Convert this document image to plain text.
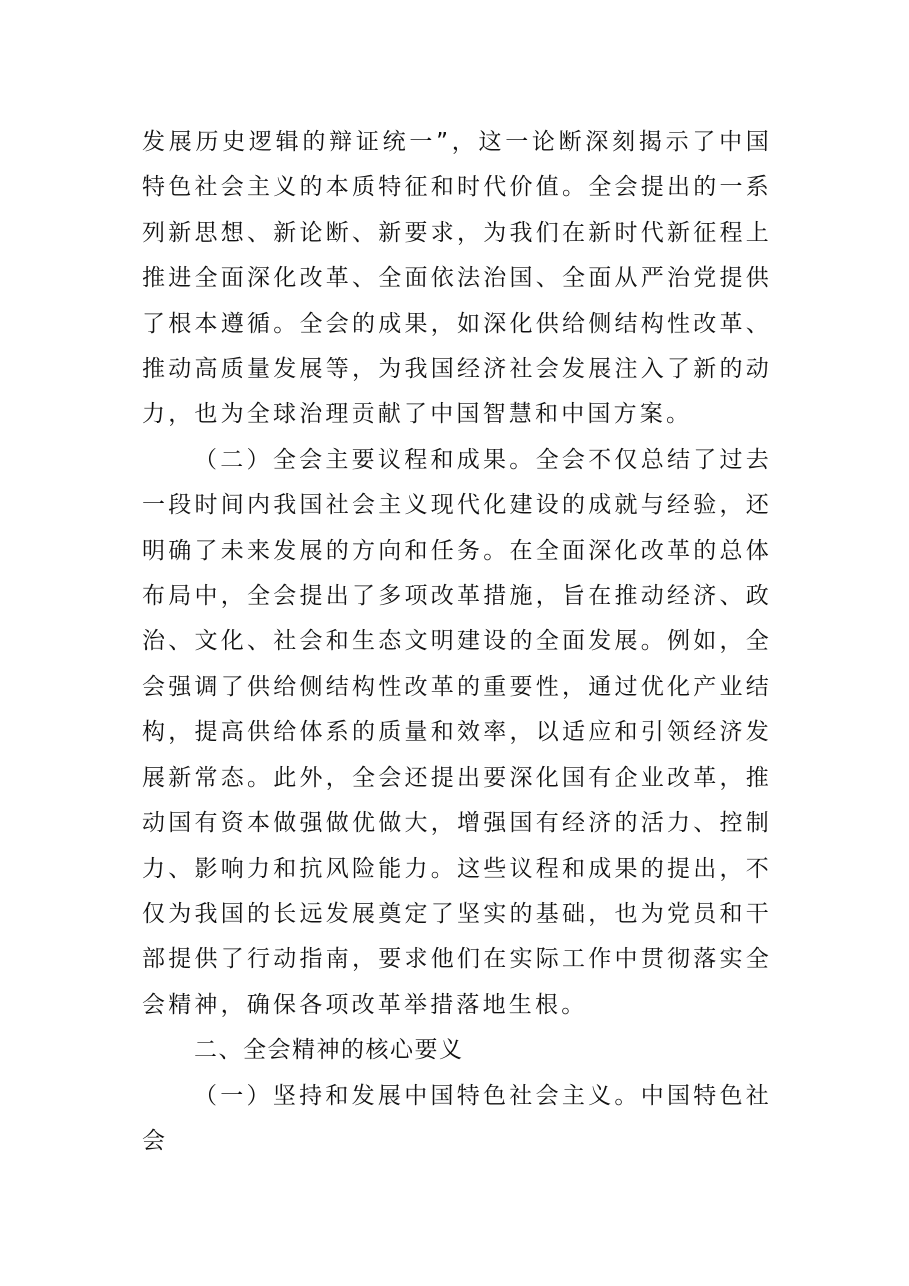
发展历史逻辑的辩证统一”，这一论断深刻揭示了中国特色社会主义的本质特征和时代价值。全会提出的一系列新思想、新论断、新要求，为我们在新时代新征程上推进全面深化改革、全面依法治国、全面从严治党提供了根本遵循。全会的成果，如深化供给侧结构性改革、推动高质量发展等，为我国经济社会发展注入了新的动力，也为全球治理贡献了中国智慧和中国方案。

（二）全会主要议程和成果。全会不仅总结了过去一段时间内我国社会主义现代化建设的成就与经验，还明确了未来发展的方向和任务。在全面深化改革的总体布局中，全会提出了多项改革措施，旨在推动经济、政治、文化、社会和生态文明建设的全面发展。例如，全会强调了供给侧结构性改革的重要性，通过优化产业结构，提高供给体系的质量和效率，以适应和引领经济发展新常态。此外，全会还提出要深化国有企业改革，推动国有资本做强做优做大，增强国有经济的活力、控制力、影响力和抗风险能力。这些议程和成果的提出，不仅为我国的长远发展奠定了坚实的基础，也为党员和干部提供了行动指南，要求他们在实际工作中贯彻落实全会精神，确保各项改革举措落地生根。

二、全会精神的核心要义

（一）坚持和发展中国特色社会主义。中国特色社会
